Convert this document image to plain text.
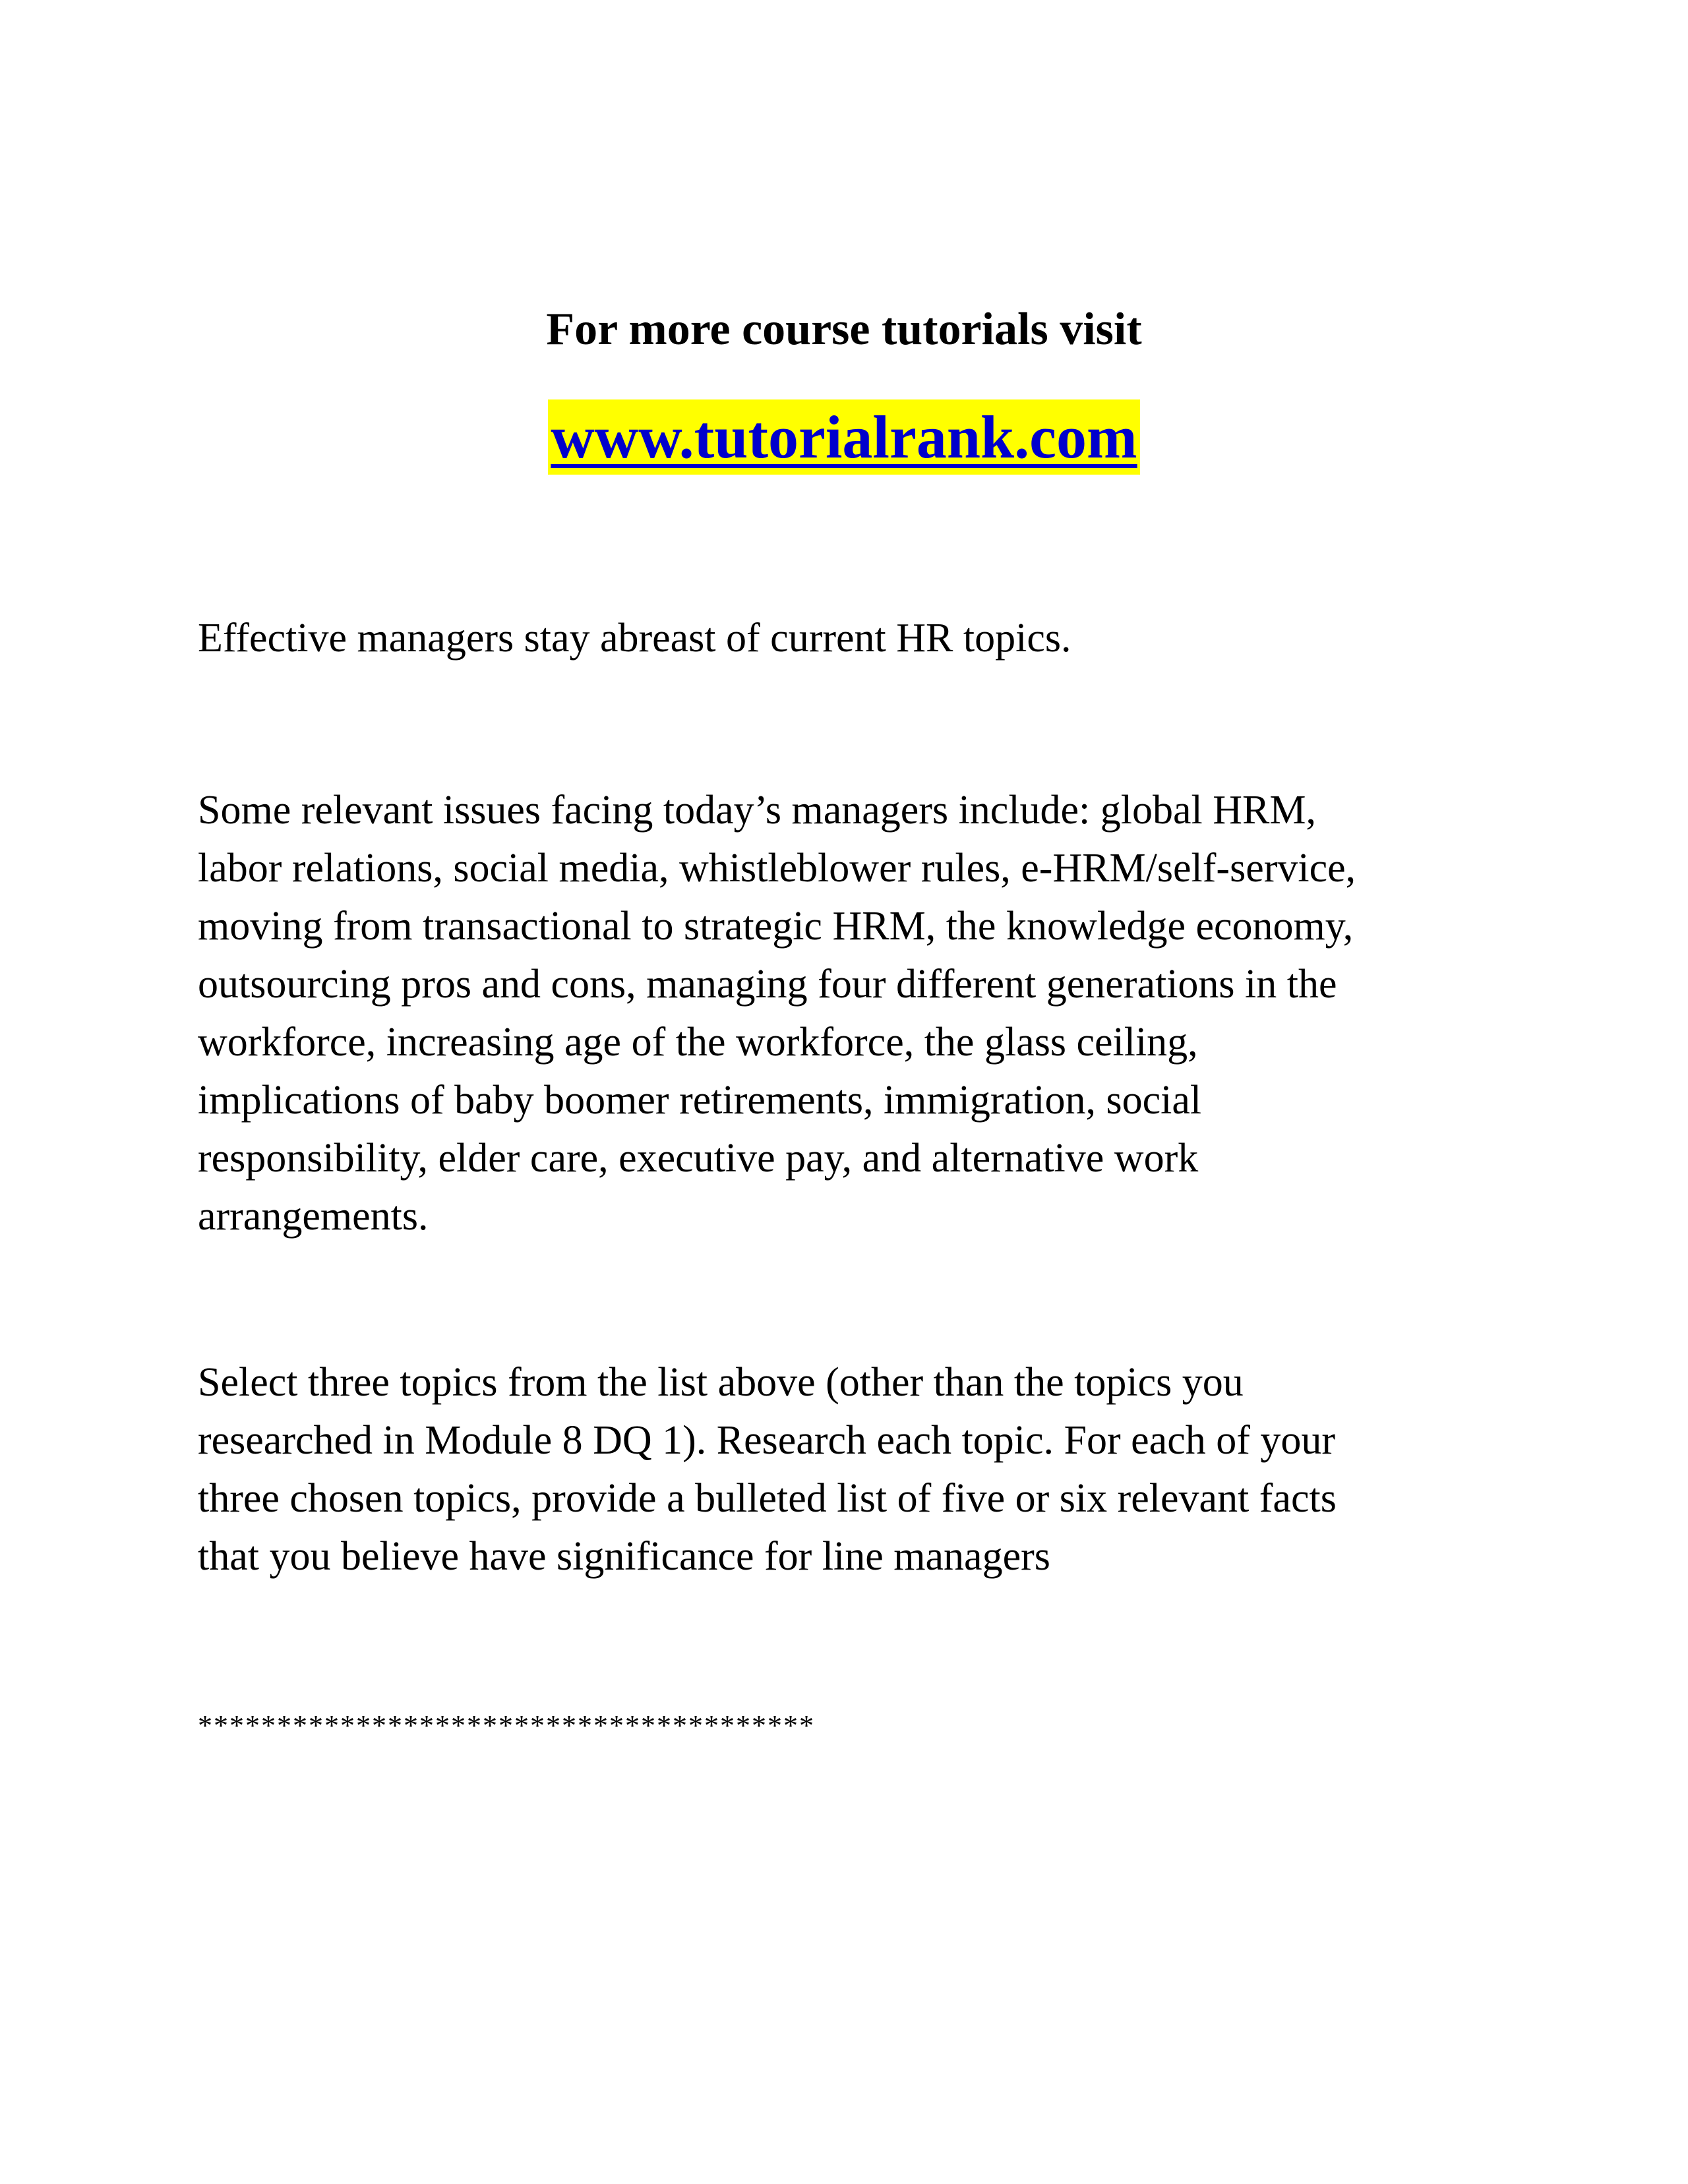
For more course tutorials visit
www.tutorialrank.com
Effective managers stay abreast of current HR topics.
Some relevant issues facing today’s managers include: global HRM,
labor relations, social media, whistleblower rules, e-HRM/self-service,
moving from transactional to strategic HRM, the knowledge economy,
outsourcing pros and cons, managing four different generations in the
workforce, increasing age of the workforce, the glass ceiling,
implications of baby boomer retirements, immigration, social
responsibility, elder care, executive pay, and alternative work
arrangements.
Select three topics from the list above (other than the topics you
researched in Module 8 DQ 1). Research each topic. For each of your
three chosen topics, provide a bulleted list of five or six relevant facts
that you believe have significance for line managers
***************************************
